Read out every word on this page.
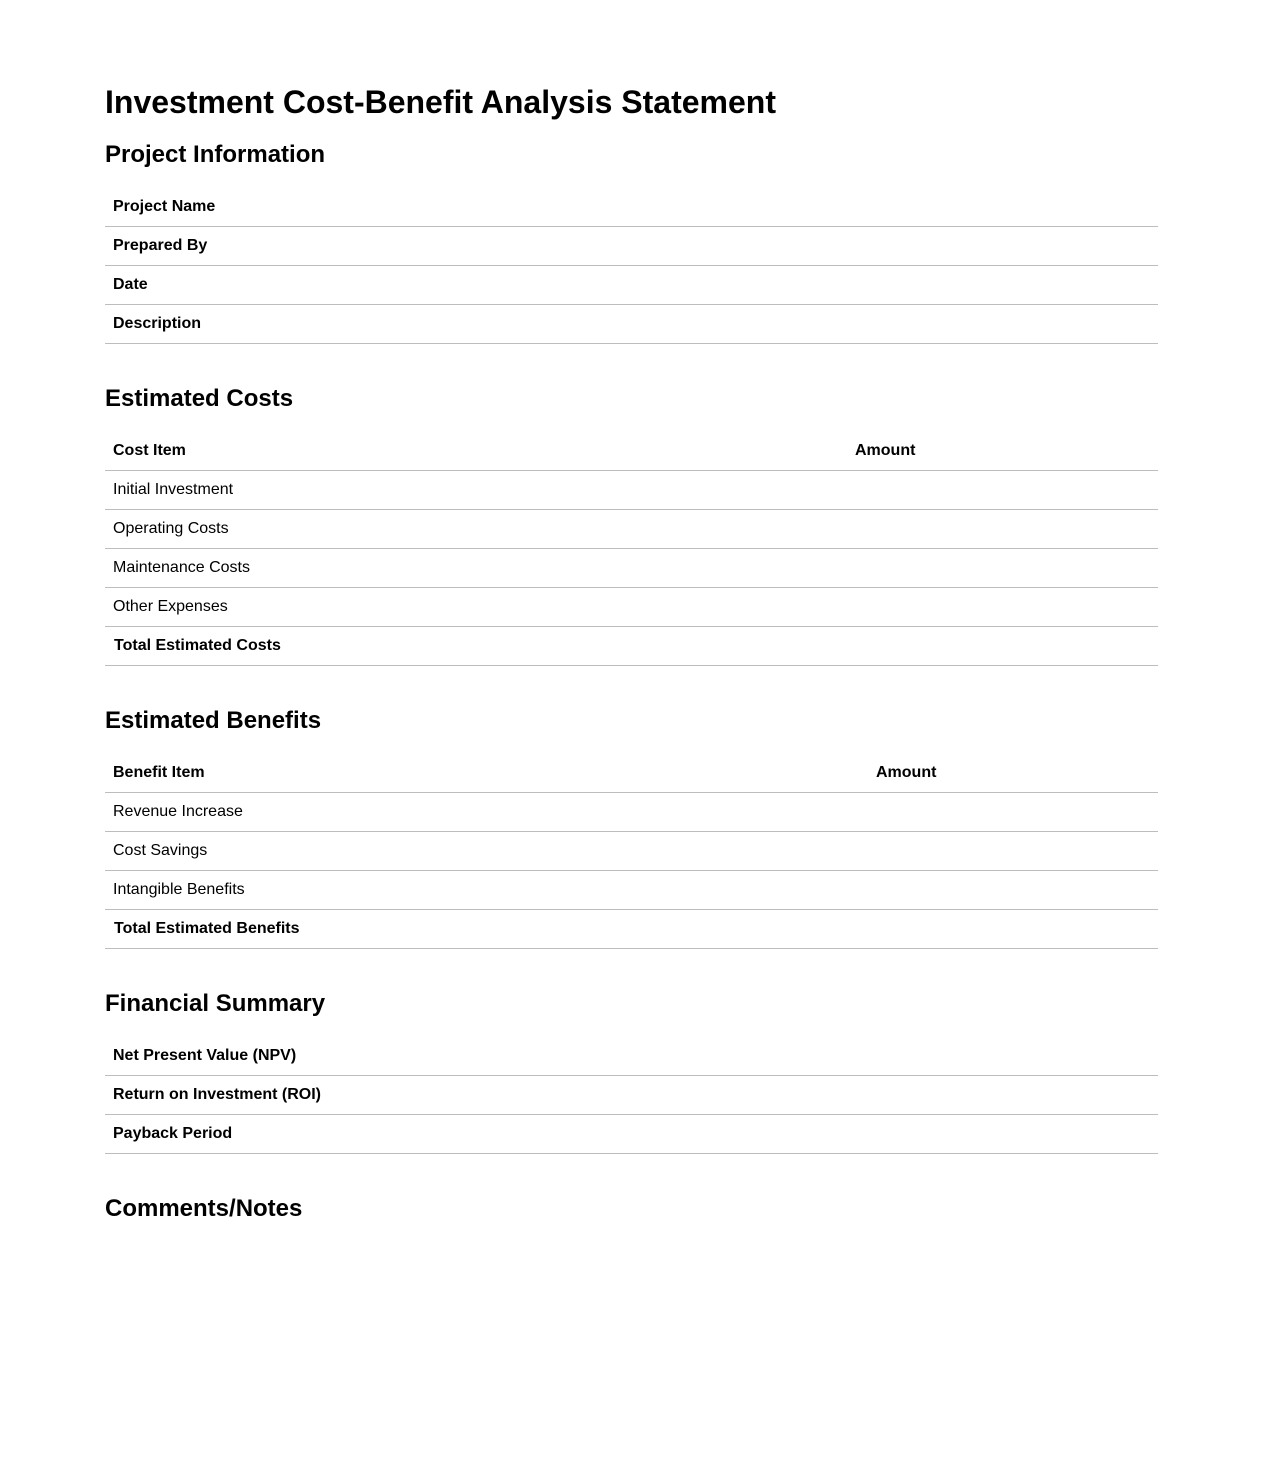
Investment Cost-Benefit Analysis Statement
Project Information
Project Name	
Prepared By	
Date	
Description	
Estimated Costs
Cost Item	Amount
Initial Investment	
Operating Costs	
Maintenance Costs	
Other Expenses	
Total Estimated Costs	
Estimated Benefits
Benefit Item	Amount
Revenue Increase	
Cost Savings	
Intangible Benefits	
Total Estimated Benefits	
Financial Summary
Net Present Value (NPV)	
Return on Investment (ROI)	
Payback Period	
Comments/Notes
